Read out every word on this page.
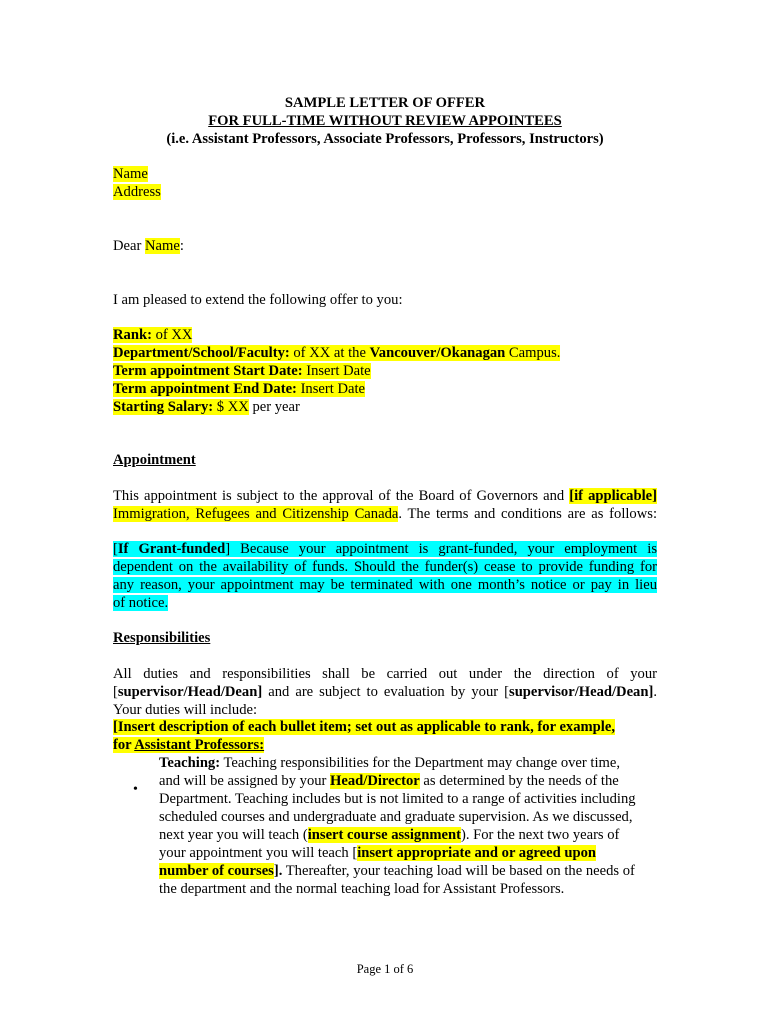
SAMPLE LETTER OF OFFER
FOR FULL-TIME WITHOUT REVIEW APPOINTEES
(i.e. Assistant Professors, Associate Professors, Professors, Instructors)
Name
Address
Dear Name:
I am pleased to extend the following offer to you:
Rank: of XX
Department/School/Faculty: of XX at the Vancouver/Okanagan Campus.
Term appointment Start Date: Insert Date
Term appointment End Date: Insert Date
Starting Salary: $ XX per year
Appointment
This appointment is subject to the approval of the Board of Governors and [if applicable]
Immigration, Refugees and Citizenship Canada. The terms and conditions are as follows:
[If Grant-funded] Because your appointment is grant-funded, your employment is
dependent on the availability of funds. Should the funder(s) cease to provide funding for
any reason, your appointment may be terminated with one month’s notice or pay in lieu
of notice.
Responsibilities
All duties and responsibilities shall be carried out under the direction of your
[supervisor/Head/Dean] and are subject to evaluation by your [supervisor/Head/Dean].
Your duties will include:
[Insert description of each bullet item; set out as applicable to rank, for example,
for Assistant Professors:
•
Teaching: Teaching responsibilities for the Department may change over time,
and will be assigned by your Head/Director as determined by the needs of the
Department. Teaching includes but is not limited to a range of activities including
scheduled courses and undergraduate and graduate supervision. As we discussed,
next year you will teach (insert course assignment). For the next two years of
your appointment you will teach [insert appropriate and or agreed upon
number of courses]. Thereafter, your teaching load will be based on the needs of
the department and the normal teaching load for Assistant Professors.
Page 1 of 6
